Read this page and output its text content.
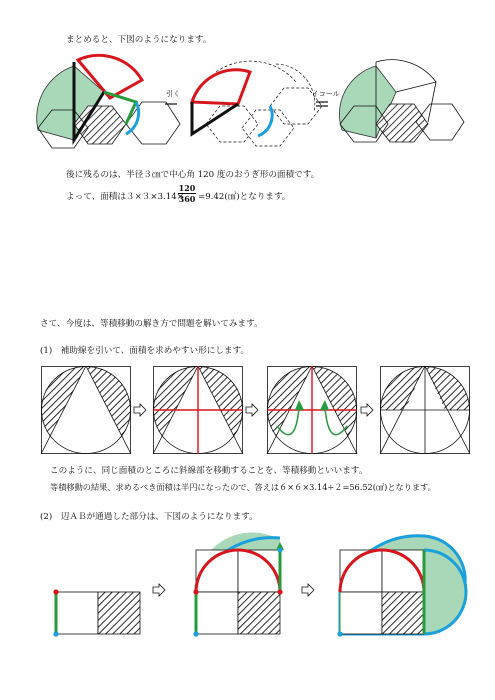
まとめると、下図のようになります。
引く	イコール
後に残るのは、半径３㎝で中心角 120 度のおうぎ形の面積です。
よって、面積は３×３×3.14×
$\frac{120}{360}$ =9.42(㎠)となります。
さて、今度は、等積移動の解き方で問題を解いてみます。
(1)　補助線を引いて、面積を求めやすい形にします。
このように、同じ面積のところに斜線部を移動することを、等積移動といいます。
等積移動の結果、求めるべき面積は半円になったので、答えは６×６×3.14÷２=56.52(㎠)となります。
(2)　辺ＡＢが通過した部分は、下図のようになります。
